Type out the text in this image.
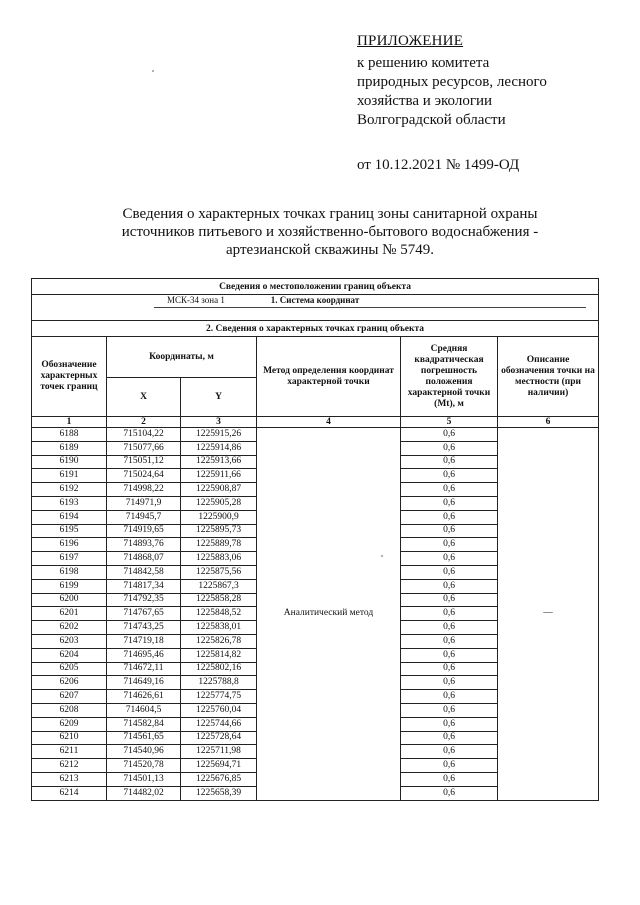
ПРИЛОЖЕНИЕ
к решению комитета
природных ресурсов, лесного
хозяйства и экологии
Волгоградской области
от 10.12.2021 № 1499-ОД
Сведения о характерных точках границ зоны санитарной охраны
источников питьевого и хозяйственно-бытового водоснабжения -
артезианской скважины № 5749.
Сведения о местоположении границ объекта					

1. Система координат
МСК-34 зона 1					

2. Сведения о характерных точках границ объекта					
Обозначение характерных точек границ	Координаты, м		Метод определения координат характерной точки	Средняя квадратическая погрешность положения характерной точки (Mt), м	Описание обозначения точки на местности (при наличии)
	X	Y			
1	2	3	4	5	6
6188	715104,22	1225915,26	Аналитический метод	0,6	—
6189	715077,66	1225914,86		0,6	
6190	715051,12	1225913,66		0,6	
6191	715024,64	1225911,66		0,6	
6192	714998,22	1225908,87		0,6	
6193	714971,9	1225905,28		0,6	
6194	714945,7	1225900,9		0,6	
6195	714919,65	1225895,73		0,6	
6196	714893,76	1225889,78		0,6	
6197	714868,07	1225883,06		0,6	
6198	714842,58	1225875,56		0,6	
6199	714817,34	1225867,3		0,6	
6200	714792,35	1225858,28		0,6	
6201	714767,65	1225848,52		0,6	
6202	714743,25	1225838,01		0,6	
6203	714719,18	1225826,78		0,6	
6204	714695,46	1225814,82		0,6	
6205	714672,11	1225802,16		0,6	
6206	714649,16	1225788,8		0,6	
6207	714626,61	1225774,75		0,6	
6208	714604,5	1225760,04		0,6	
6209	714582,84	1225744,66		0,6	
6210	714561,65	1225728,64		0,6	
6211	714540,96	1225711,98		0,6	
6212	714520,78	1225694,71		0,6	
6213	714501,13	1225676,85		0,6	
6214	714482,02	1225658,39		0,6	
